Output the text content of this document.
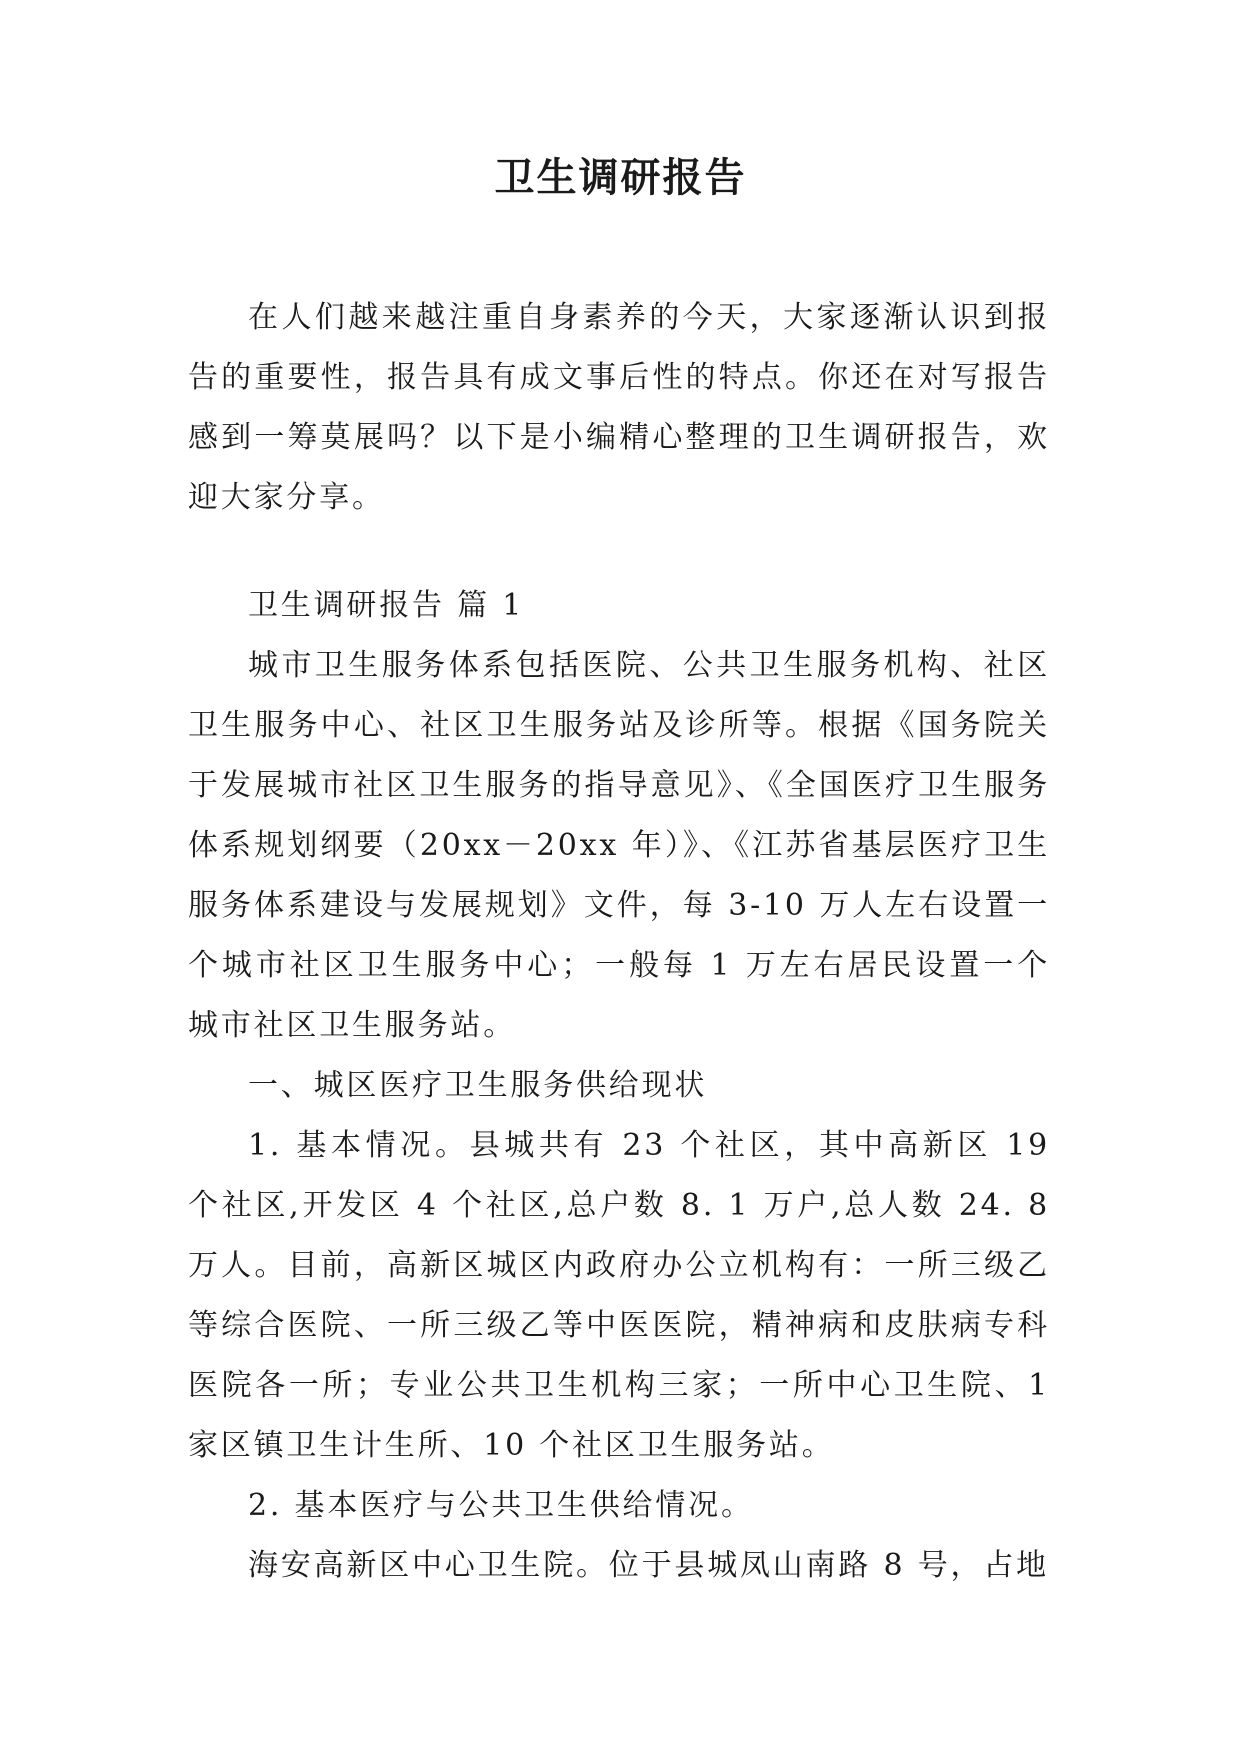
卫生调研报告

在人们越来越注重自身素养的今天，大家逐渐认识到报告的重要性，报告具有成文事后性的特点。你还在对写报告感到一筹莫展吗？以下是小编精心整理的卫生调研报告，欢迎大家分享。

卫生调研报告 篇 1

城市卫生服务体系包括医院、公共卫生服务机构、社区卫生服务中心、社区卫生服务站及诊所等。根据《国务院关于发展城市社区卫生服务的指导意见》、《全国医疗卫生服务体系规划纲要（20xx－20xx 年）》、《江苏省基层医疗卫生服务体系建设与发展规划》文件，每 3-10 万人左右设置一个城市社区卫生服务中心；一般每 1 万左右居民设置一个城市社区卫生服务站。

一、城区医疗卫生服务供给现状

1. 基本情况。县城共有 23 个社区，其中高新区 19 个社区,开发区 4 个社区,总户数 8. 1 万户,总人数 24. 8 万人。目前，高新区城区内政府办公立机构有：一所三级乙等综合医院、一所三级乙等中医医院，精神病和皮肤病专科医院各一所；专业公共卫生机构三家；一所中心卫生院、1 家区镇卫生计生所、10 个社区卫生服务站。

2. 基本医疗与公共卫生供给情况。

海安高新区中心卫生院。位于县城凤山南路 8 号，占地
